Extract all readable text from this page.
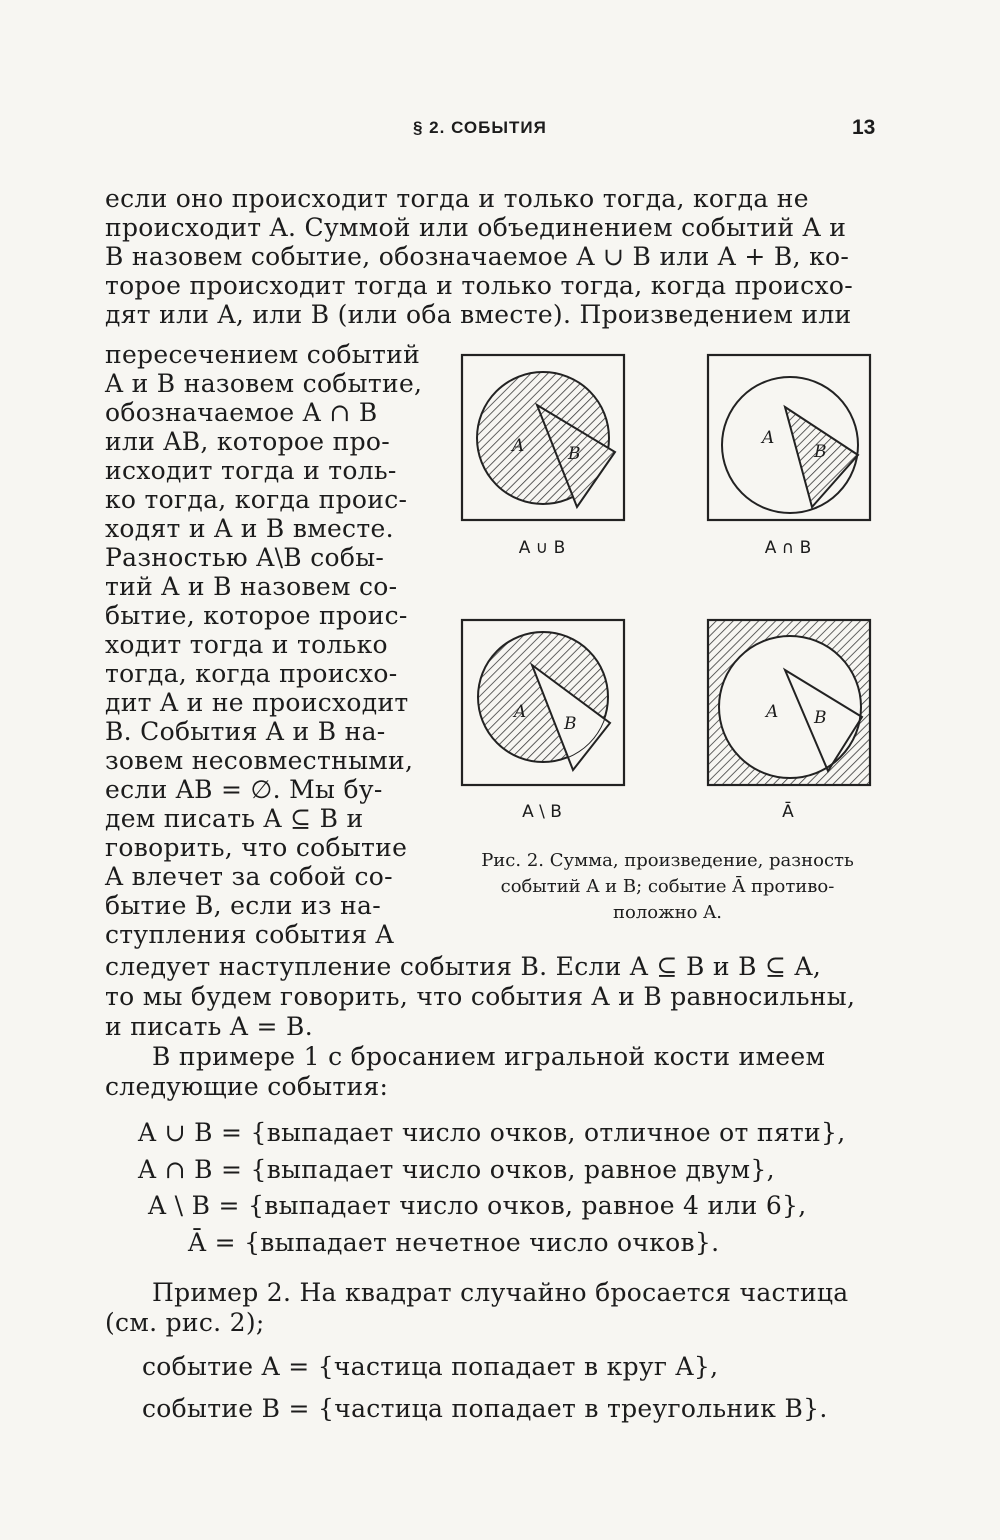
§ 2. СОБЫТИЯ	13
если оно происходит тогда и только тогда, когда не
происходит A. Суммой или объединением событий A и
B назовем событие, обозначаемое A ∪ B или A + B, ко-
торое происходит тогда и только тогда, когда происхо-
дят или A, или B (или оба вместе). Произведением или
пересечением событий
A и B назовем событие,
обозначаемое A ∩ B
или AB, которое про-
исходит тогда и толь-
ко тогда, когда проис-
ходят и A и B вместе.
Разностью A\B собы-
тий A и B назовем со-
бытие, которое проис-
ходит тогда и только
тогда, когда происхо-
дит A и не происходит
B. События A и B на-
зовем несовместными,
если AB = ∅. Мы бу-
дем писать A ⊆ B и
говорить, что событие
A влечет за собой со-
бытие B, если из на-
ступления события A
A	B
A
B
A
B
A B
A ∪ B	A ∩ B
A \ B	Ā
Рис. 2. Сумма, произведение, разность
событий A и B; событие Ā противо-
положно A.
следует наступление события B. Если A ⊆ B и B ⊆ A,
то мы будем говорить, что события A и B равносильны,
и писать A = B.
В примере 1 с бросанием игральной кости имеем
следующие события:
A ∪ B = {выпадает число очков, отличное от пяти},
A ∩ B = {выпадает число очков, равное двум},
A \ B = {выпадает число очков, равное 4 или 6},
Ā = {выпадает нечетное число очков}.
Пример 2. На квадрат случайно бросается частица
(см. рис. 2);
событие A = {частица попадает в круг A},
событие B = {частица попадает в треугольник B}.
